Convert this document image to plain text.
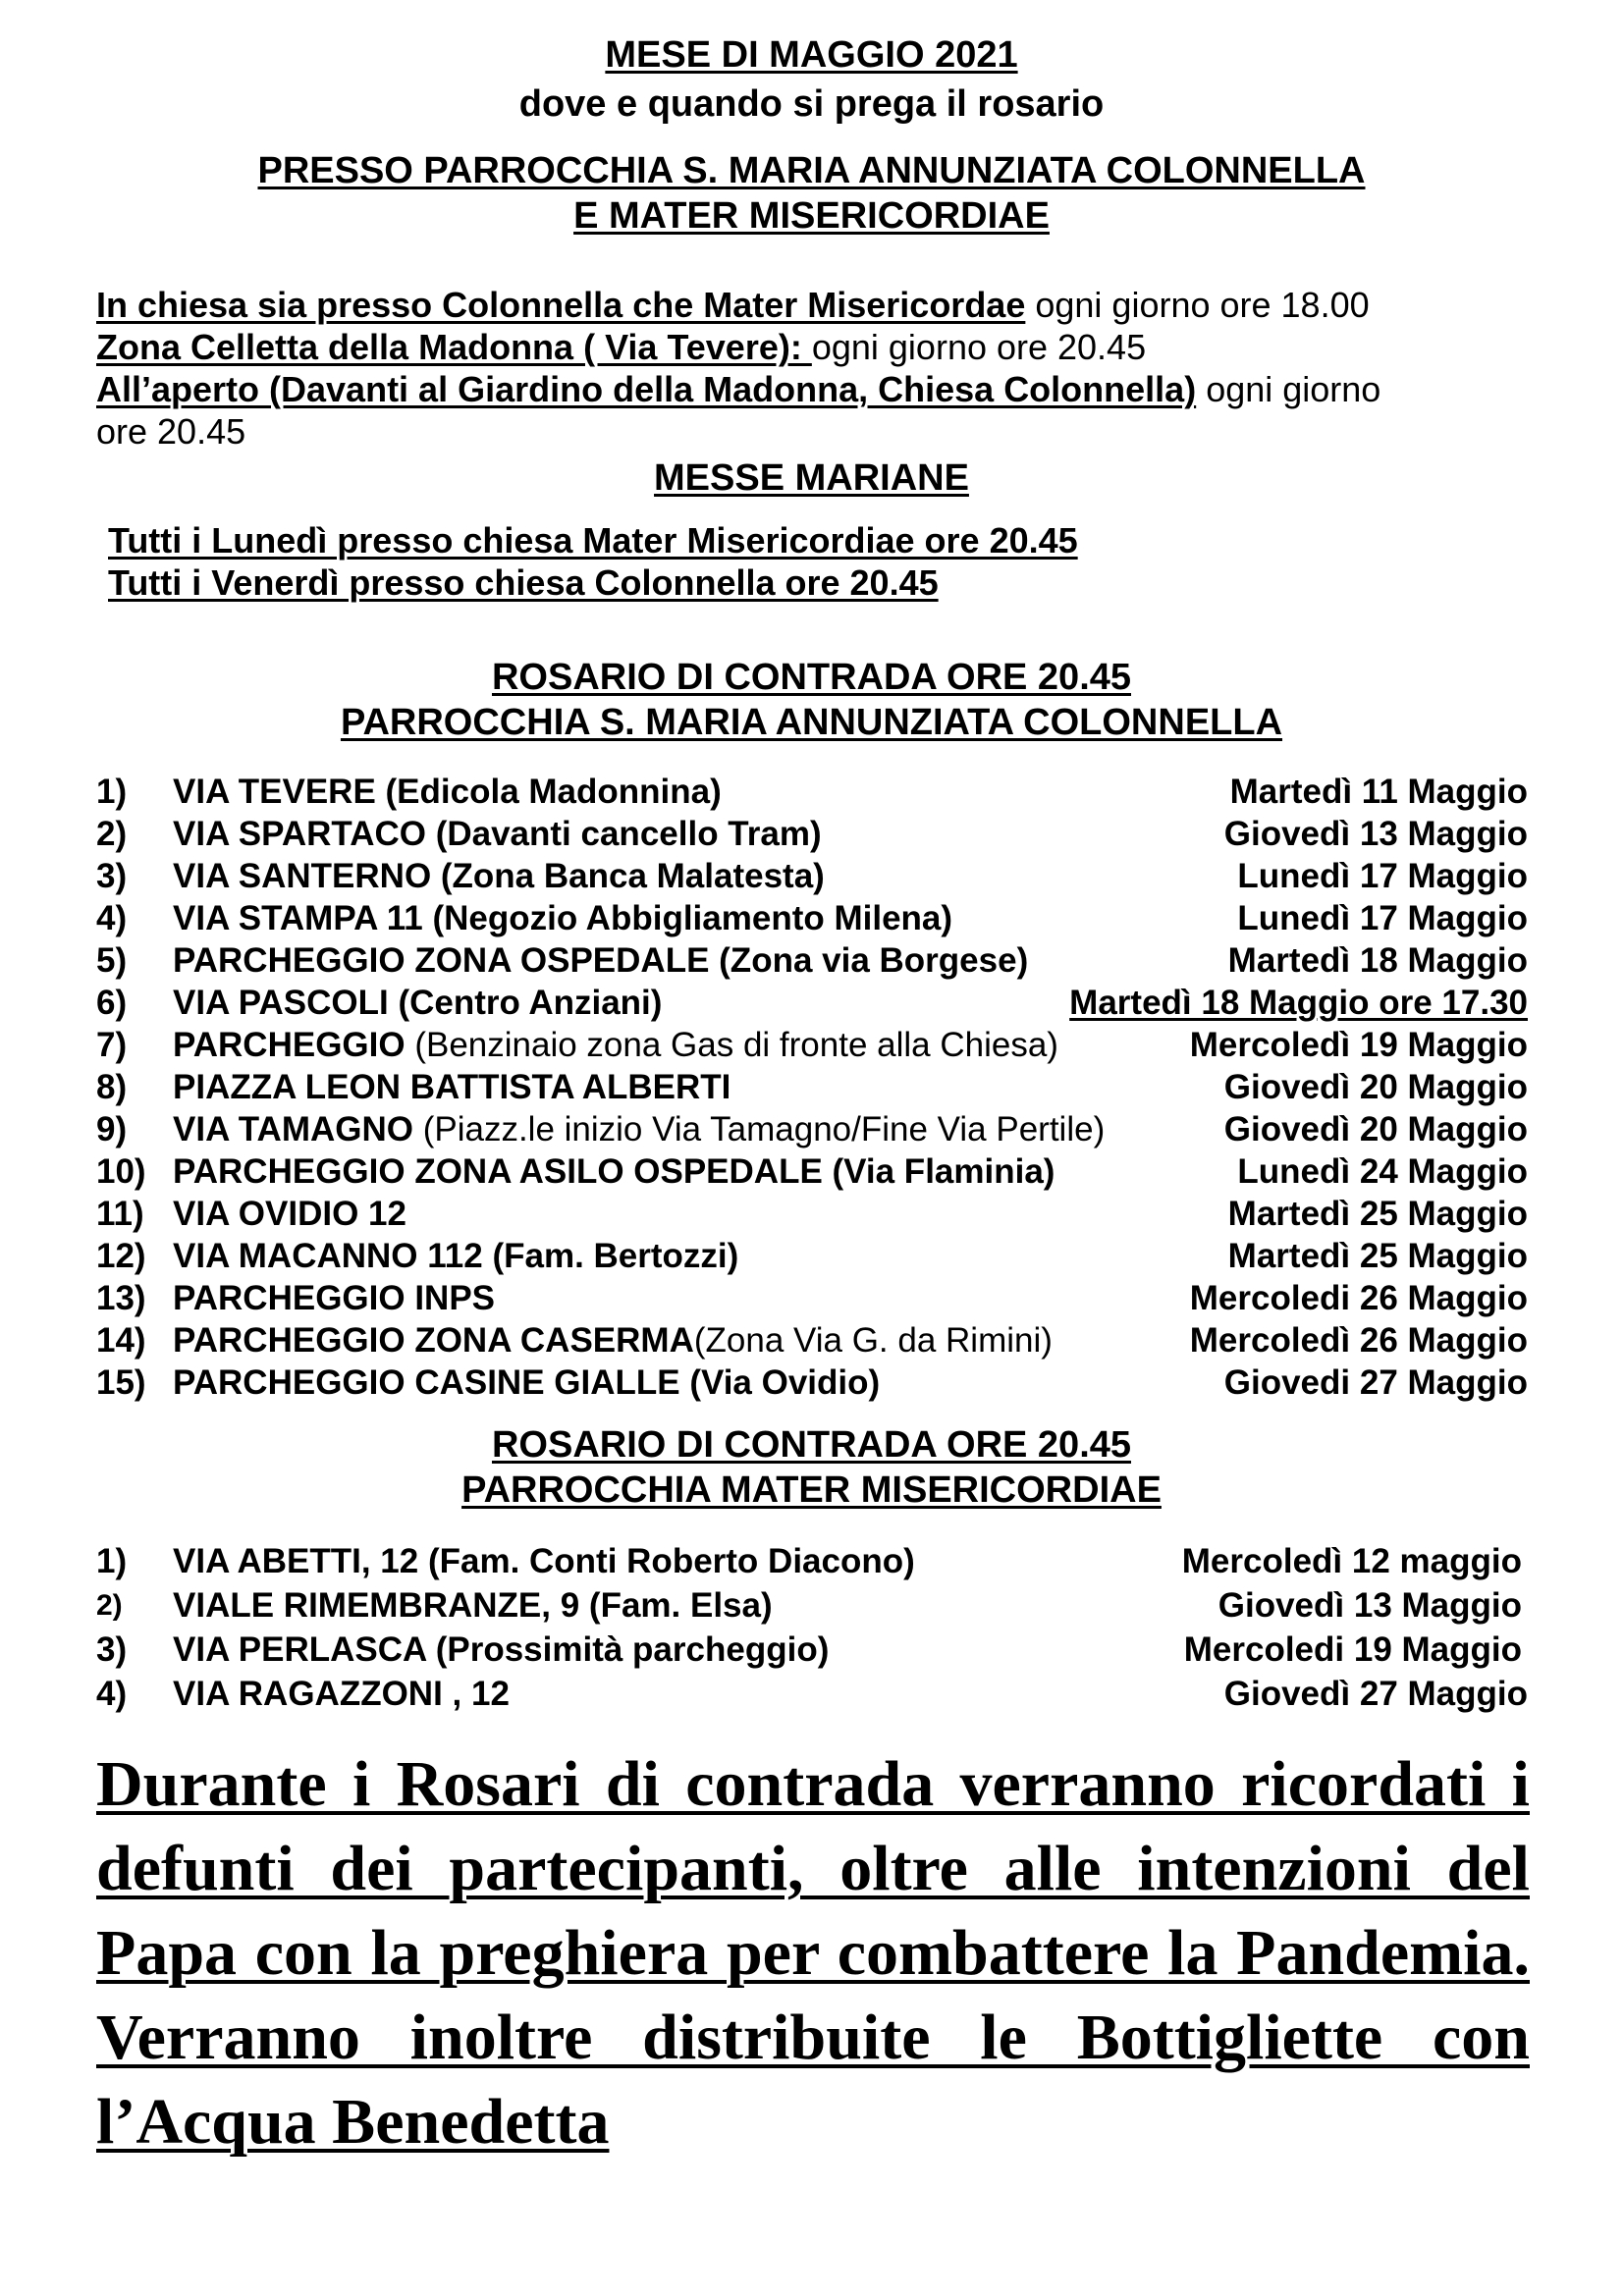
MESE DI MAGGIO 2021
dove e quando si prega il rosario
PRESSO PARROCCHIA S. MARIA ANNUNZIATA COLONNELLA
E MATER MISERICORDIAE
In chiesa sia presso Colonnella che Mater Misericordae ogni giorno ore 18.00
Zona Celletta della Madonna ( Via Tevere): ogni giorno ore 20.45
All’aperto (Davanti al Giardino della Madonna, Chiesa Colonnella) ogni giorno
ore 20.45
MESSE MARIANE
Tutti i Lunedì presso chiesa Mater Misericordiae ore 20.45
Tutti i Venerdì presso chiesa Colonnella ore 20.45
ROSARIO DI CONTRADA ORE 20.45
PARROCCHIA S. MARIA ANNUNZIATA COLONNELLA
1) VIA TEVERE (Edicola Madonnina)	Martedì 11 Maggio
2) VIA SPARTACO (Davanti cancello Tram)	Giovedì 13 Maggio
3) VIA SANTERNO (Zona Banca Malatesta)	Lunedì 17 Maggio
4) VIA STAMPA 11 (Negozio Abbigliamento Milena)	Lunedì 17 Maggio
5) PARCHEGGIO ZONA OSPEDALE (Zona via Borgese)	Martedì 18 Maggio
6) VIA PASCOLI (Centro Anziani)	Martedì 18 Maggio ore 17.30
7) PARCHEGGIO (Benzinaio zona Gas di fronte alla Chiesa)	Mercoledì 19 Maggio
8) PIAZZA LEON BATTISTA ALBERTI	Giovedì 20 Maggio
9) VIA TAMAGNO (Piazz.le inizio Via Tamagno/Fine Via Pertile)	Giovedì 20 Maggio
10) PARCHEGGIO ZONA ASILO OSPEDALE (Via Flaminia)	Lunedì 24 Maggio
11) VIA OVIDIO 12	Martedì 25 Maggio
12) VIA MACANNO 112 (Fam. Bertozzi)	Martedì 25 Maggio
13) PARCHEGGIO INPS	Mercoledi 26 Maggio
14) PARCHEGGIO ZONA CASERMA(Zona Via G. da Rimini)	Mercoledì 26 Maggio
15) PARCHEGGIO CASINE GIALLE (Via Ovidio)	Giovedi 27 Maggio
ROSARIO DI CONTRADA ORE 20.45
PARROCCHIA MATER MISERICORDIAE
1) VIA ABETTI, 12 (Fam. Conti Roberto Diacono)	Mercoledì 12 maggio
2) VIALE RIMEMBRANZE, 9 (Fam. Elsa)	Giovedì 13 Maggio
3) VIA PERLASCA (Prossimità parcheggio)	Mercoledi 19 Maggio
4) VIA RAGAZZONI , 12	Giovedì 27 Maggio
Durante i Rosari di contrada verranno ricordati i defunti dei partecipanti, oltre alle intenzioni del Papa con la preghiera per combattere la Pandemia. Verranno inoltre distribuite le Bottigliette con l’Acqua Benedetta
